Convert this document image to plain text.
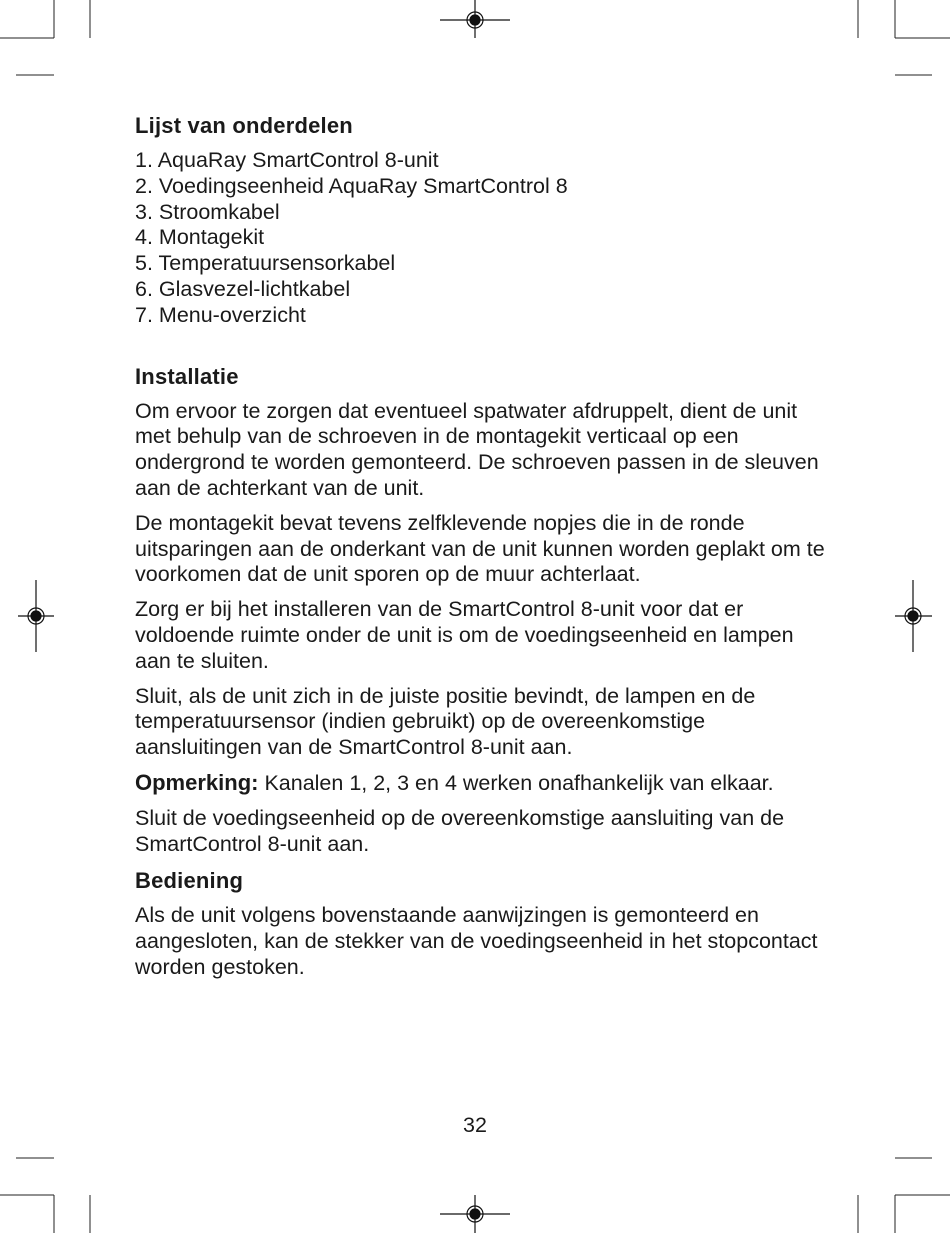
Lijst van onderdelen
1. AquaRay SmartControl 8-unit
2. Voedingseenheid AquaRay SmartControl 8
3. Stroomkabel
4. Montagekit
5. Temperatuursensorkabel
6. Glasvezel-lichtkabel
7. Menu-overzicht
Installatie

Om ervoor te zorgen dat eventueel spatwater afdruppelt, dient de unit met behulp van de schroeven in de montagekit verticaal op een ondergrond te worden gemonteerd. De schroeven passen in de sleuven aan de achterkant van de unit.

De montagekit bevat tevens zelfklevende nopjes die in de ronde uitsparingen aan de onderkant van de unit kunnen worden geplakt om te voorkomen dat de unit sporen op de muur achterlaat.

Zorg er bij het installeren van de SmartControl 8-unit voor dat er voldoende ruimte onder de unit is om de voedingseenheid en lampen aan te sluiten.

Sluit, als de unit zich in de juiste positie bevindt, de lampen en de temperatuursensor (indien gebruikt) op de overeenkomstige aansluitingen van de SmartControl 8-unit aan.

Opmerking: Kanalen 1, 2, 3 en 4 werken onafhankelijk van elkaar.

Sluit de voedingseenheid op de overeenkomstige aansluiting van de SmartControl 8-unit aan.

Bediening

Als de unit volgens bovenstaande aanwijzingen is gemonteerd en aangesloten, kan de stekker van de voedingseenheid in het stopcontact worden gestoken.

32
